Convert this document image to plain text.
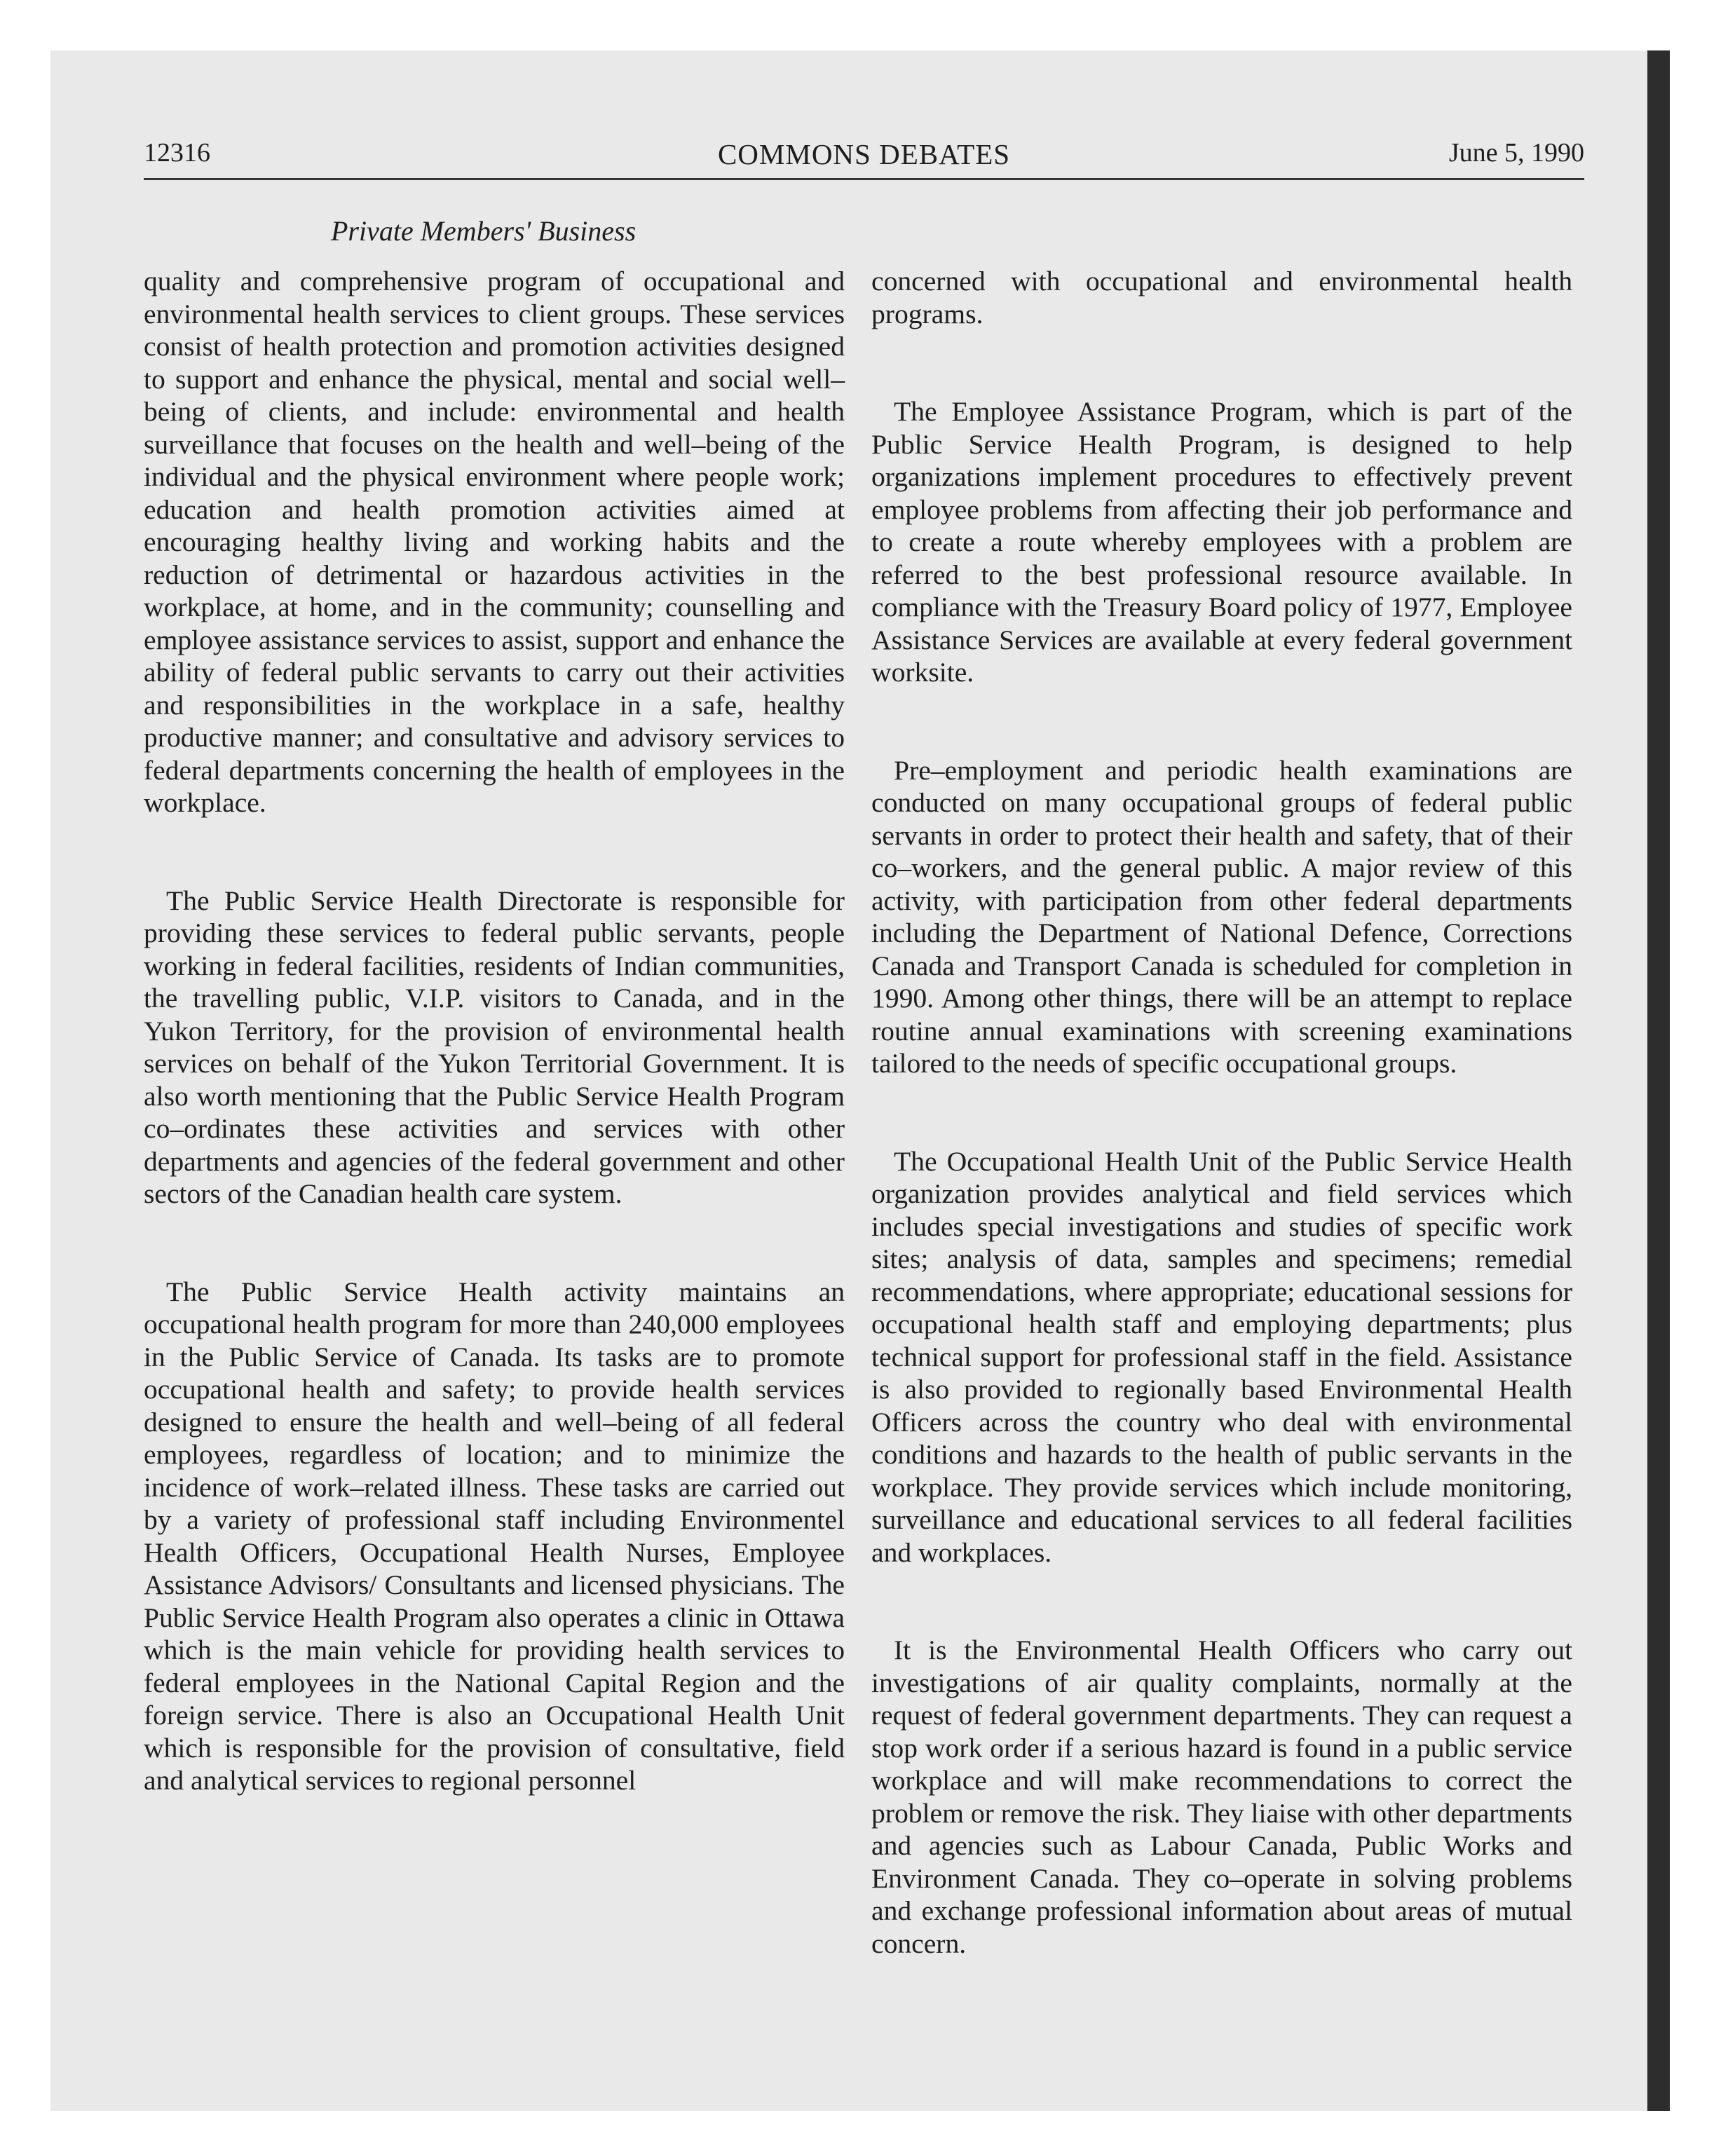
12316	COMMONS DEBATES	June 5, 1990
Private Members' Business

quality and comprehensive program of occupational and environmental health services to client groups. These services consist of health protection and promotion activities designed to support and enhance the physical, mental and social well–being of clients, and include: environmental and health surveillance that focuses on the health and well–being of the individual and the physical environment where people work; education and health promotion activities aimed at encouraging healthy living and working habits and the reduction of detrimental or hazardous activities in the workplace, at home, and in the community; counselling and employee assistance services to assist, support and enhance the ability of federal public servants to carry out their activities and responsibilities in the workplace in a safe, healthy productive manner; and consultative and advisory services to federal departments concerning the health of employees in the workplace.

The Public Service Health Directorate is responsible for providing these services to federal public servants, people working in federal facilities, residents of Indian communities, the travelling public, V.I.P. visitors to Canada, and in the Yukon Territory, for the provision of environmental health services on behalf of the Yukon Territorial Government. It is also worth mentioning that the Public Service Health Program co–ordinates these activities and services with other departments and agencies of the federal government and other sectors of the Canadian health care system.

The Public Service Health activity maintains an occupational health program for more than 240,000 employees in the Public Service of Canada. Its tasks are to promote occupational health and safety; to provide health services designed to ensure the health and well–being of all federal employees, regardless of location; and to minimize the incidence of work–related illness. These tasks are carried out by a variety of professional staff including Environmentel Health Officers, Occupational Health Nurses, Employee Assistance Advisors/ Consultants and licensed physicians. The Public Service Health Program also operates a clinic in Ottawa which is the main vehicle for providing health services to federal employees in the National Capital Region and the foreign service. There is also an Occupational Health Unit which is responsible for the provision of consultative, field and analytical services to regional personnel

concerned with occupational and environmental health programs.

The Employee Assistance Program, which is part of the Public Service Health Program, is designed to help organizations implement procedures to effectively prevent employee problems from affecting their job performance and to create a route whereby employees with a problem are referred to the best professional resource available. In compliance with the Treasury Board policy of 1977, Employee Assistance Services are available at every federal government worksite.

Pre–employment and periodic health examinations are conducted on many occupational groups of federal public servants in order to protect their health and safety, that of their co–workers, and the general public. A major review of this activity, with participation from other federal departments including the Department of National Defence, Corrections Canada and Transport Canada is scheduled for completion in 1990. Among other things, there will be an attempt to replace routine annual examinations with screening examinations tailored to the needs of specific occupational groups.

The Occupational Health Unit of the Public Service Health organization provides analytical and field services which includes special investigations and studies of specific work sites; analysis of data, samples and specimens; remedial recommendations, where appropriate; educational sessions for occupational health staff and employing departments; plus technical support for professional staff in the field. Assistance is also provided to regionally based Environmental Health Officers across the country who deal with environmental conditions and hazards to the health of public servants in the workplace. They provide services which include monitoring, surveillance and educational services to all federal facilities and workplaces.

It is the Environmental Health Officers who carry out investigations of air quality complaints, normally at the request of federal government departments. They can request a stop work order if a serious hazard is found in a public service workplace and will make recommendations to correct the problem or remove the risk. They liaise with other departments and agencies such as Labour Canada, Public Works and Environment Canada. They co–operate in solving problems and exchange professional information about areas of mutual concern.
